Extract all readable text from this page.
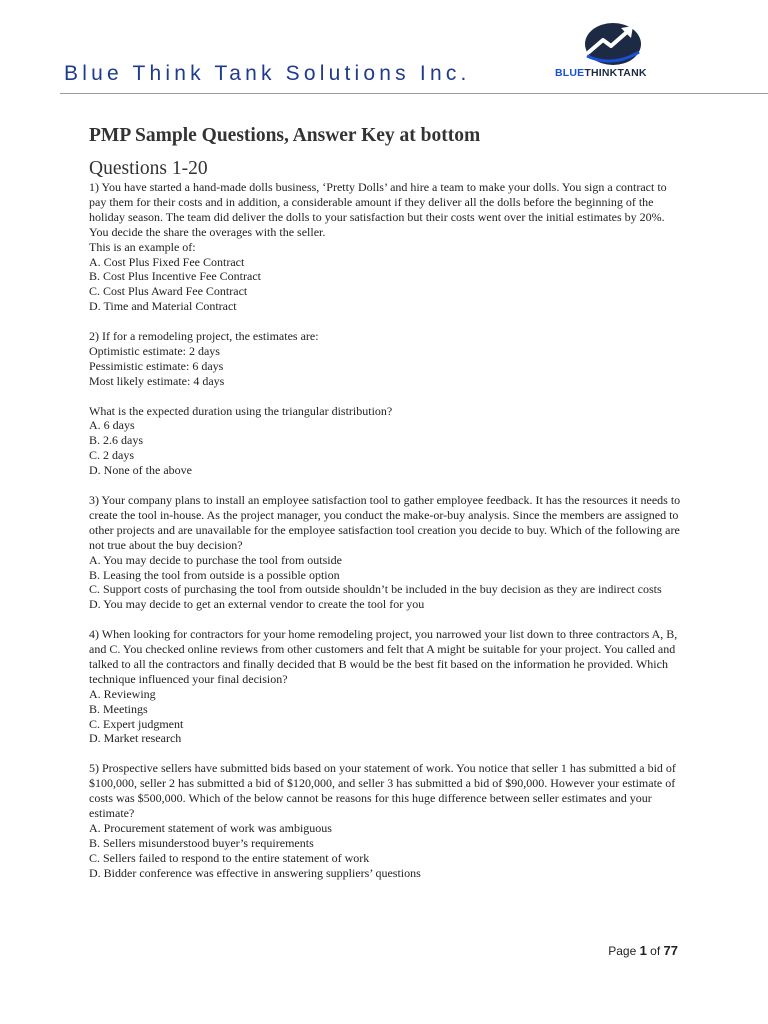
Blue Think Tank Solutions Inc.	BLUETHINKTANK
PMP Sample Questions, Answer Key at bottom
Questions 1-20

1) You have started a hand-made dolls business, ‘Pretty Dolls’ and hire a team to make your dolls. You sign a contract to pay them for their costs and in addition, a considerable amount if they deliver all the dolls before the beginning of the holiday season. The team did deliver the dolls to your satisfaction but their costs went over the initial estimates by 20%. You decide the share the overages with the seller.

This is an example of:

A. Cost Plus Fixed Fee Contract

B. Cost Plus Incentive Fee Contract

C. Cost Plus Award Fee Contract

D. Time and Material Contract

2) If for a remodeling project, the estimates are:

Optimistic estimate: 2 days

Pessimistic estimate: 6 days

Most likely estimate: 4 days

What is the expected duration using the triangular distribution?

A. 6 days

B. 2.6 days

C. 2 days

D. None of the above

3) Your company plans to install an employee satisfaction tool to gather employee feedback. It has the resources it needs to create the tool in-house. As the project manager, you conduct the make-or-buy analysis. Since the members are assigned to other projects and are unavailable for the employee satisfaction tool creation you decide to buy. Which of the following are not true about the buy decision?

A. You may decide to purchase the tool from outside

B. Leasing the tool from outside is a possible option

C. Support costs of purchasing the tool from outside shouldn’t be included in the buy decision as they are indirect costs

D. You may decide to get an external vendor to create the tool for you

4) When looking for contractors for your home remodeling project, you narrowed your list down to three contractors A, B, and C. You checked online reviews from other customers and felt that A might be suitable for your project. You called and talked to all the contractors and finally decided that B would be the best fit based on the information he provided. Which technique influenced your final decision?

A. Reviewing

B. Meetings

C. Expert judgment

D. Market research

5) Prospective sellers have submitted bids based on your statement of work. You notice that seller 1 has submitted a bid of $100,000, seller 2 has submitted a bid of $120,000, and seller 3 has submitted a bid of $90,000. However your estimate of costs was $500,000. Which of the below cannot be reasons for this huge difference between seller estimates and your estimate?

A. Procurement statement of work was ambiguous

B. Sellers misunderstood buyer’s requirements

C. Sellers failed to respond to the entire statement of work

D. Bidder conference was effective in answering suppliers’ questions

Page 1 of 77
